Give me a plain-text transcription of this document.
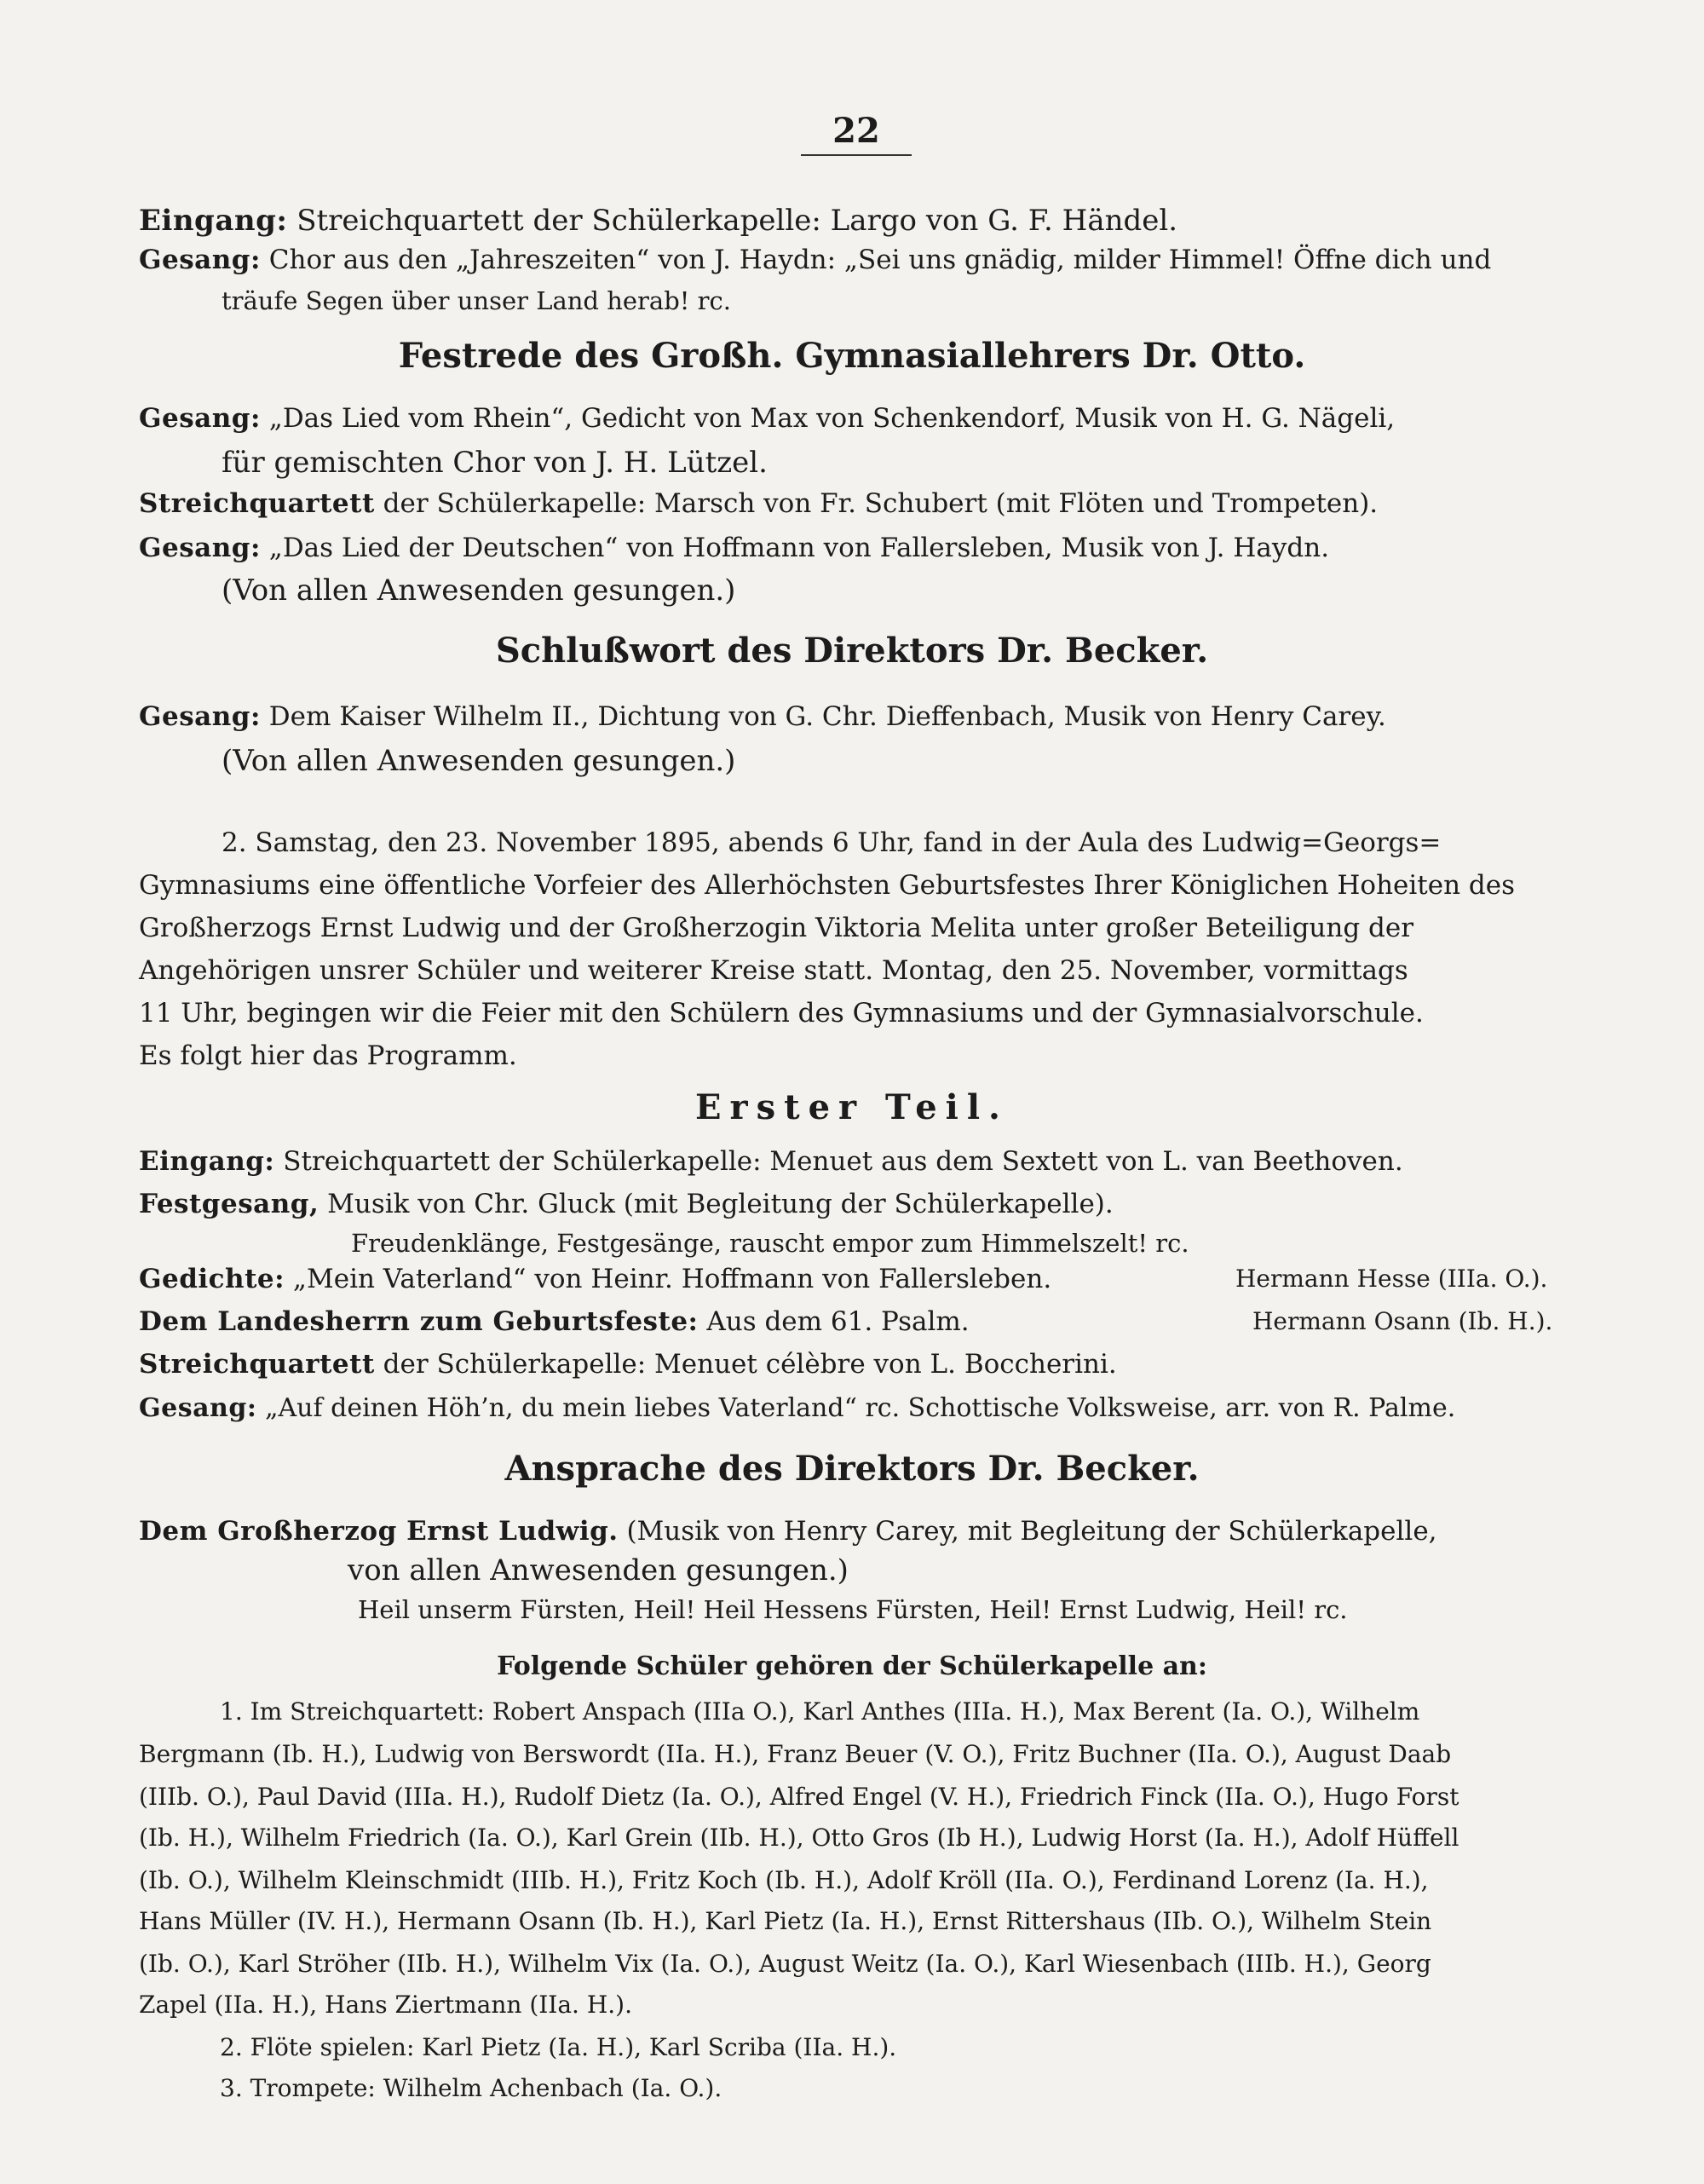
22
Eingang: Streichquartett der Schülerkapelle: Largo von G. F. Händel.
Gesang: Chor aus den „Jahreszeiten“ von J. Haydn: „Sei uns gnädig, milder Himmel! Öffne dich und
träufe Segen über unser Land herab! rc.
Festrede des Großh. Gymnasiallehrers Dr. Otto.
Gesang: „Das Lied vom Rhein“, Gedicht von Max von Schenkendorf, Musik von H. G. Nägeli,
für gemischten Chor von J. H. Lützel.
Streichquartett der Schülerkapelle: Marsch von Fr. Schubert (mit Flöten und Trompeten).
Gesang: „Das Lied der Deutschen“ von Hoffmann von Fallersleben, Musik von J. Haydn.
(Von allen Anwesenden gesungen.)
Schlußwort des Direktors Dr. Becker.
Gesang: Dem Kaiser Wilhelm II., Dichtung von G. Chr. Dieffenbach, Musik von Henry Carey.
(Von allen Anwesenden gesungen.)
2. Samstag, den 23. November 1895, abends 6 Uhr, fand in der Aula des Ludwig=Georgs=
Gymnasiums eine öffentliche Vorfeier des Allerhöchsten Geburtsfestes Ihrer Königlichen Hoheiten des
Großherzogs Ernst Ludwig und der Großherzogin Viktoria Melita unter großer Beteiligung der
Angehörigen unsrer Schüler und weiterer Kreise statt. Montag, den 25. November, vormittags
11 Uhr, begingen wir die Feier mit den Schülern des Gymnasiums und der Gymnasialvorschule.
Es folgt hier das Programm.
Erster Teil.
Eingang: Streichquartett der Schülerkapelle: Menuet aus dem Sextett von L. van Beethoven.
Festgesang, Musik von Chr. Gluck (mit Begleitung der Schülerkapelle).
Freudenklänge, Festgesänge, rauscht empor zum Himmelszelt! rc.
Gedichte: „Mein Vaterland“ von Heinr. Hoffmann von Fallersleben.	Hermann Hesse (IIIa. O.).
Dem Landesherrn zum Geburtsfeste: Aus dem 61. Psalm.	Hermann Osann (Ib. H.).
Streichquartett der Schülerkapelle: Menuet célèbre von L. Boccherini.
Gesang: „Auf deinen Höh’n, du mein liebes Vaterland“ rc. Schottische Volksweise, arr. von R. Palme.
Ansprache des Direktors Dr. Becker.
Dem Großherzog Ernst Ludwig. (Musik von Henry Carey, mit Begleitung der Schülerkapelle,
von allen Anwesenden gesungen.)
Heil unserm Fürsten, Heil! Heil Hessens Fürsten, Heil! Ernst Ludwig, Heil! rc.
Folgende Schüler gehören der Schülerkapelle an:
1. Im Streichquartett: Robert Anspach (IIIa O.), Karl Anthes (IIIa. H.), Max Berent (Ia. O.), Wilhelm
Bergmann (Ib. H.), Ludwig von Berswordt (IIa. H.), Franz Beuer (V. O.), Fritz Buchner (IIa. O.), August Daab
(IIIb. O.), Paul David (IIIa. H.), Rudolf Dietz (Ia. O.), Alfred Engel (V. H.), Friedrich Finck (IIa. O.), Hugo Forst
(Ib. H.), Wilhelm Friedrich (Ia. O.), Karl Grein (IIb. H.), Otto Gros (Ib H.), Ludwig Horst (Ia. H.), Adolf Hüffell
(Ib. O.), Wilhelm Kleinschmidt (IIIb. H.), Fritz Koch (Ib. H.), Adolf Kröll (IIa. O.), Ferdinand Lorenz (Ia. H.),
Hans Müller (IV. H.), Hermann Osann (Ib. H.), Karl Pietz (Ia. H.), Ernst Rittershaus (IIb. O.), Wilhelm Stein
(Ib. O.), Karl Ströher (IIb. H.), Wilhelm Vix (Ia. O.), August Weitz (Ia. O.), Karl Wiesenbach (IIIb. H.), Georg
Zapel (IIa. H.), Hans Ziertmann (IIa. H.).
2. Flöte spielen: Karl Pietz (Ia. H.), Karl Scriba (IIa. H.).
3. Trompete: Wilhelm Achenbach (Ia. O.).
